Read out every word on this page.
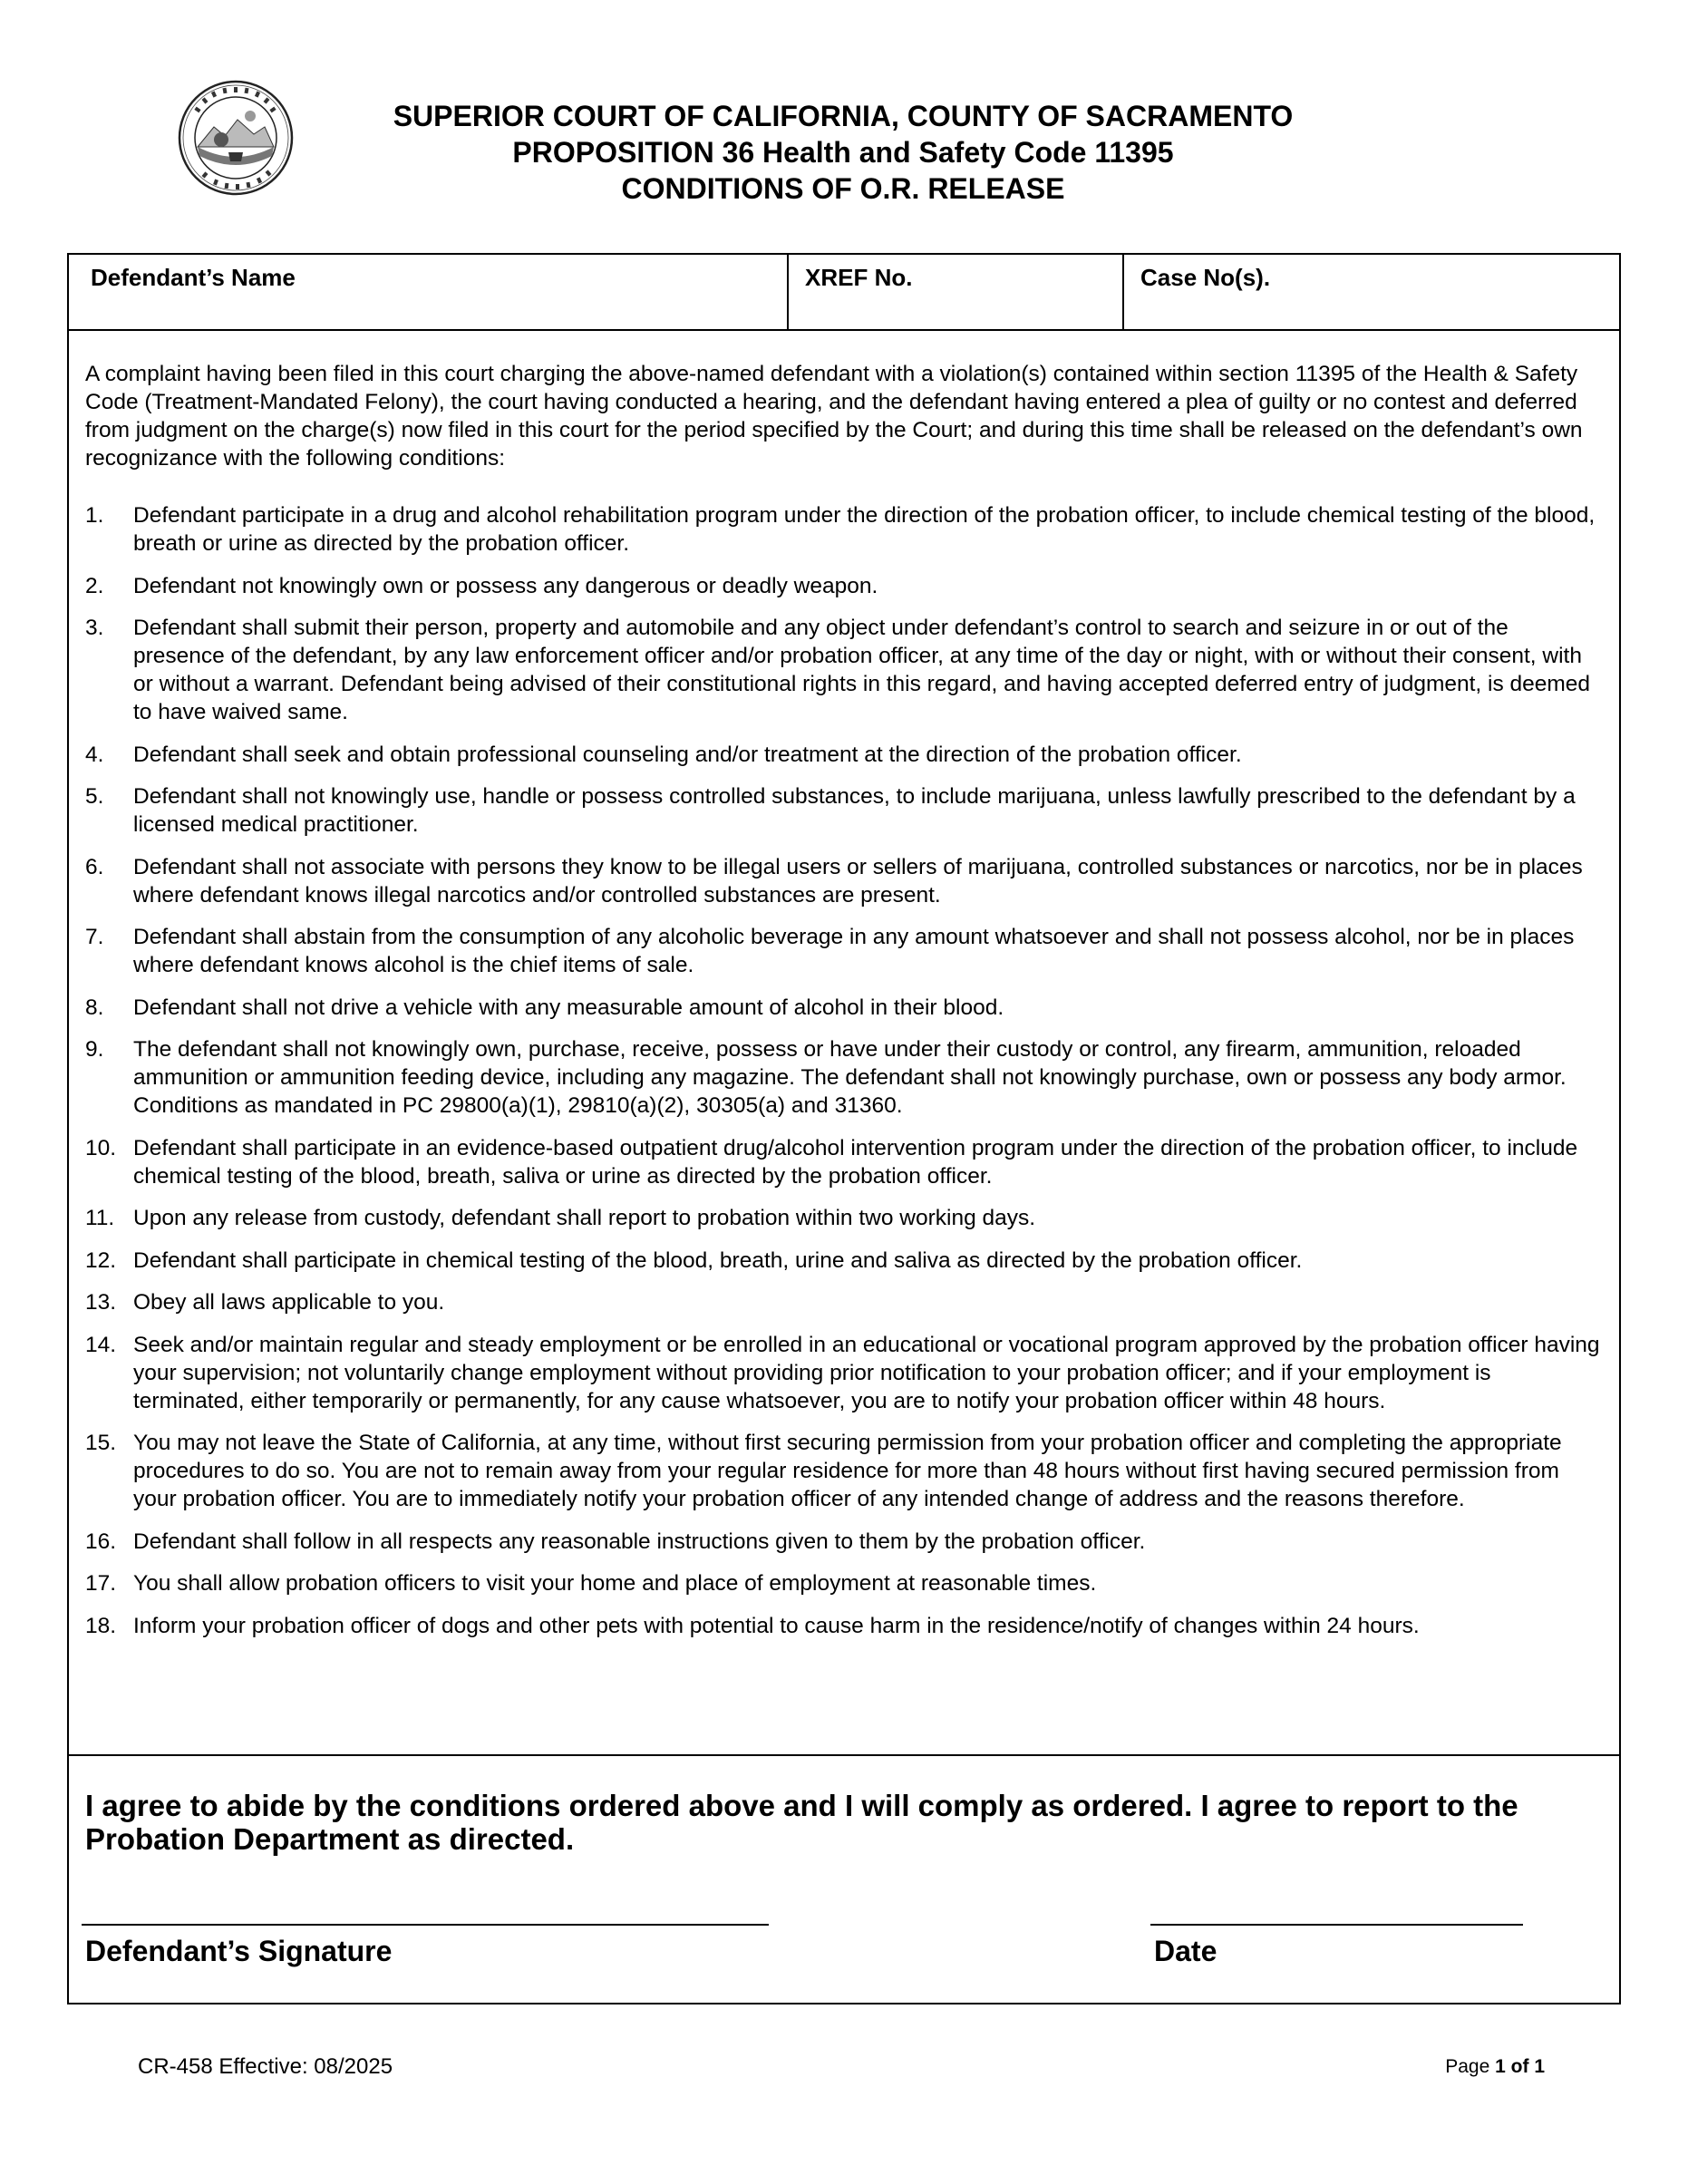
SUPERIOR COURT OF CALIFORNIA, COUNTY OF SACRAMENTO
PROPOSITION 36 Health and Safety Code 11395
CONDITIONS OF O.R. RELEASE
Defendant’s Name	XREF No.	Case No(s).

A complaint having been filed in this court charging the above-named defendant with a violation(s) contained within section 11395 of the Health & Safety Code (Treatment-Mandated Felony), the court having conducted a hearing, and the defendant having entered a plea of guilty or no contest and deferred from judgment on the charge(s) now filed in this court for the period specified by the Court; and during this time shall be released on the defendant’s own recognizance with the following conditions:

1. Defendant participate in a drug and alcohol rehabilitation program under the direction of the probation officer, to include chemical testing of the blood, breath or urine as directed by the probation officer.
2. Defendant not knowingly own or possess any dangerous or deadly weapon.
3. Defendant shall submit their person, property and automobile and any object under defendant’s control to search and seizure in or out of the presence of the defendant, by any law enforcement officer and/or probation officer, at any time of the day or night, with or without their consent, with or without a warrant. Defendant being advised of their constitutional rights in this regard, and having accepted deferred entry of judgment, is deemed to have waived same.
4. Defendant shall seek and obtain professional counseling and/or treatment at the direction of the probation officer.
5. Defendant shall not knowingly use, handle or possess controlled substances, to include marijuana, unless lawfully prescribed to the defendant by a licensed medical practitioner.
6. Defendant shall not associate with persons they know to be illegal users or sellers of marijuana, controlled substances or narcotics, nor be in places where defendant knows illegal narcotics and/or controlled substances are present.
7. Defendant shall abstain from the consumption of any alcoholic beverage in any amount whatsoever and shall not possess alcohol, nor be in places where defendant knows alcohol is the chief items of sale.
8. Defendant shall not drive a vehicle with any measurable amount of alcohol in their blood.
9. The defendant shall not knowingly own, purchase, receive, possess or have under their custody or control, any firearm, ammunition, reloaded ammunition or ammunition feeding device, including any magazine. The defendant shall not knowingly purchase, own or possess any body armor. Conditions as mandated in PC 29800(a)(1), 29810(a)(2), 30305(a) and 31360.
10. Defendant shall participate in an evidence-based outpatient drug/alcohol intervention program under the direction of the probation officer, to include chemical testing of the blood, breath, saliva or urine as directed by the probation officer.
11. Upon any release from custody, defendant shall report to probation within two working days.
12. Defendant shall participate in chemical testing of the blood, breath, urine and saliva as directed by the probation officer.
13. Obey all laws applicable to you.
14. Seek and/or maintain regular and steady employment or be enrolled in an educational or vocational program approved by the probation officer having your supervision; not voluntarily change employment without providing prior notification to your probation officer; and if your employment is terminated, either temporarily or permanently, for any cause whatsoever, you are to notify your probation officer within 48 hours.
15. You may not leave the State of California, at any time, without first securing permission from your probation officer and completing the appropriate procedures to do so. You are not to remain away from your regular residence for more than 48 hours without first having secured permission from your probation officer. You are to immediately notify your probation officer of any intended change of address and the reasons therefore.
16. Defendant shall follow in all respects any reasonable instructions given to them by the probation officer.
17. You shall allow probation officers to visit your home and place of employment at reasonable times.
18. Inform your probation officer of dogs and other pets with potential to cause harm in the residence/notify of changes within 24 hours.
I agree to abide by the conditions ordered above and I will comply as ordered. I agree to report to the Probation Department as directed.
Defendant’s Signature	Date
CR-458 Effective: 08/2025	Page 1 of 1
